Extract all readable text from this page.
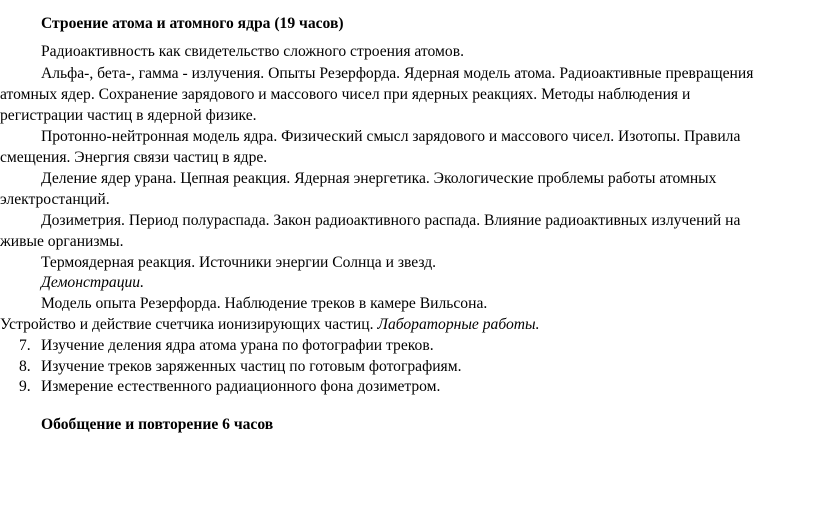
Строение атома и атомного ядра (19 часов)
Радиоактивность как свидетельство сложного строения атомов.
Альфа-, бета-, гамма - излучения. Опыты Резерфорда. Ядерная модель атома. Радиоактивные превращения
атомных ядер. Сохранение зарядового и массового чисел при ядерных реакциях. Методы наблюдения и
регистрации частиц в ядерной физике.
Протонно-нейтронная модель ядра. Физический смысл зарядового и массового чисел. Изотопы. Правила
смещения. Энергия связи частиц в ядре.
Деление ядер урана. Цепная реакция. Ядерная энергетика. Экологические проблемы работы атомных
электростанций.
Дозиметрия. Период полураспада. Закон радиоактивного распада. Влияние радиоактивных излучений на
живые организмы.
Термоядерная реакция. Источники энергии Солнца и звезд.
Демонстрации.
Модель опыта Резерфорда. Наблюдение треков в камере Вильсона.
Устройство и действие счетчика ионизирующих частиц. Лабораторные работы.
7. Изучение деления ядра атома урана по фотографии треков.
8. Изучение треков заряженных частиц по готовым фотографиям.
9. Измерение естественного радиационного фона дозиметром.
Обобщение и повторение 6 часов
